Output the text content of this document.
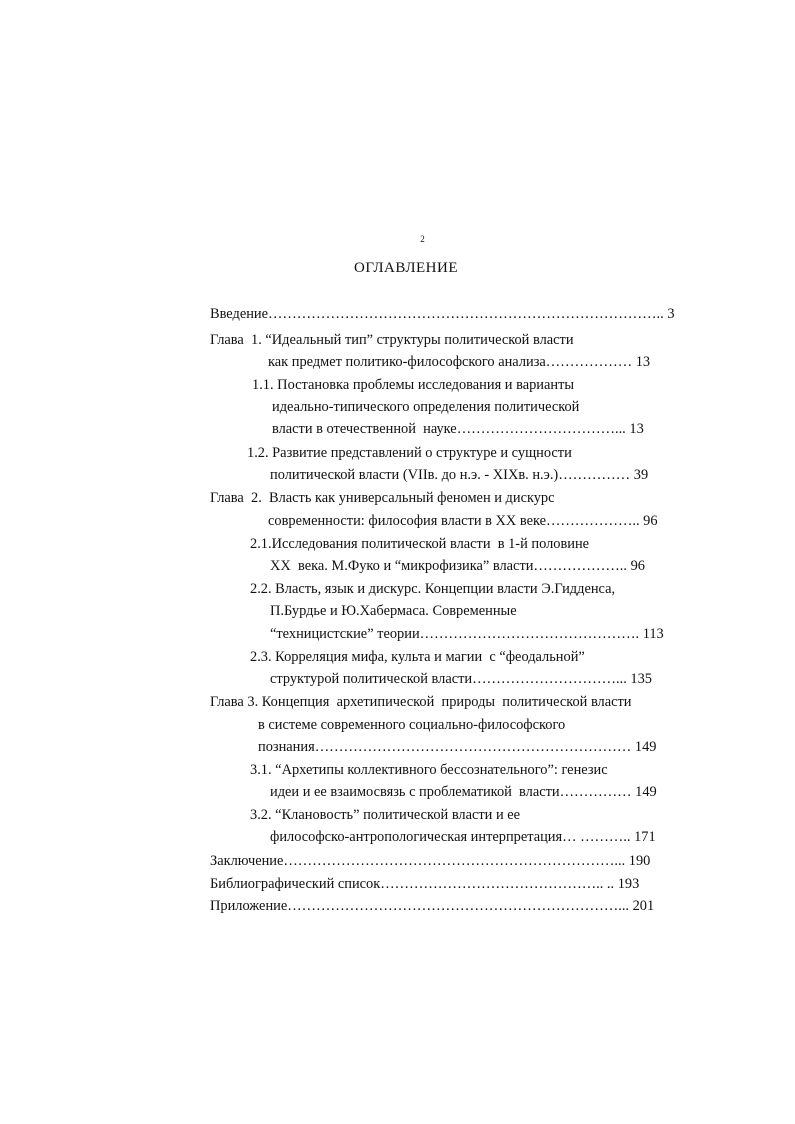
2
ОГЛАВЛЕНИЕ
Введение……………………………………………………………………….. 3
Глава  1. “Идеальный тип” структуры политической власти
как предмет политико-философского анализа……………… 13
1.1. Постановка проблемы исследования и варианты
идеально-типического определения политической
власти в отечественной  науке……………………………... 13
1.2. Развитие представлений о структуре и сущности
политической власти (VIIв. до н.э. - XIXв. н.э.)…………… 39
Глава  2.  Власть как универсальный феномен и дискурс
современности: философия власти в XX веке……………….. 96
2.1.Исследования политической власти  в 1-й половине
XX  века. М.Фуко и “микрофизика” власти……………….. 96
2.2. Власть, язык и дискурс. Концепции власти Э.Гидденса,
П.Бурдье и Ю.Хабермаса. Современные
“техницистские” теории………………………………………. 113
2.3. Корреляция мифа, культа и магии  с “феодальной”
структурой политической власти…………………………... 135
Глава 3. Концепция  архетипической  природы  политической власти
в системе современного социально-философского
познания………………………………………………………… 149
3.1. “Архетипы коллективного бессознательного”: генезис
идеи и ее взаимосвязь с проблематикой  власти…………… 149
3.2. “Клановость” политической власти и ее
философско-антропологическая интерпретация… ……….. 171
Заключение……………………………………………………………... 190
Библиографический список……………………………………….. .. 193
Приложение……………………………………………………………... 201
